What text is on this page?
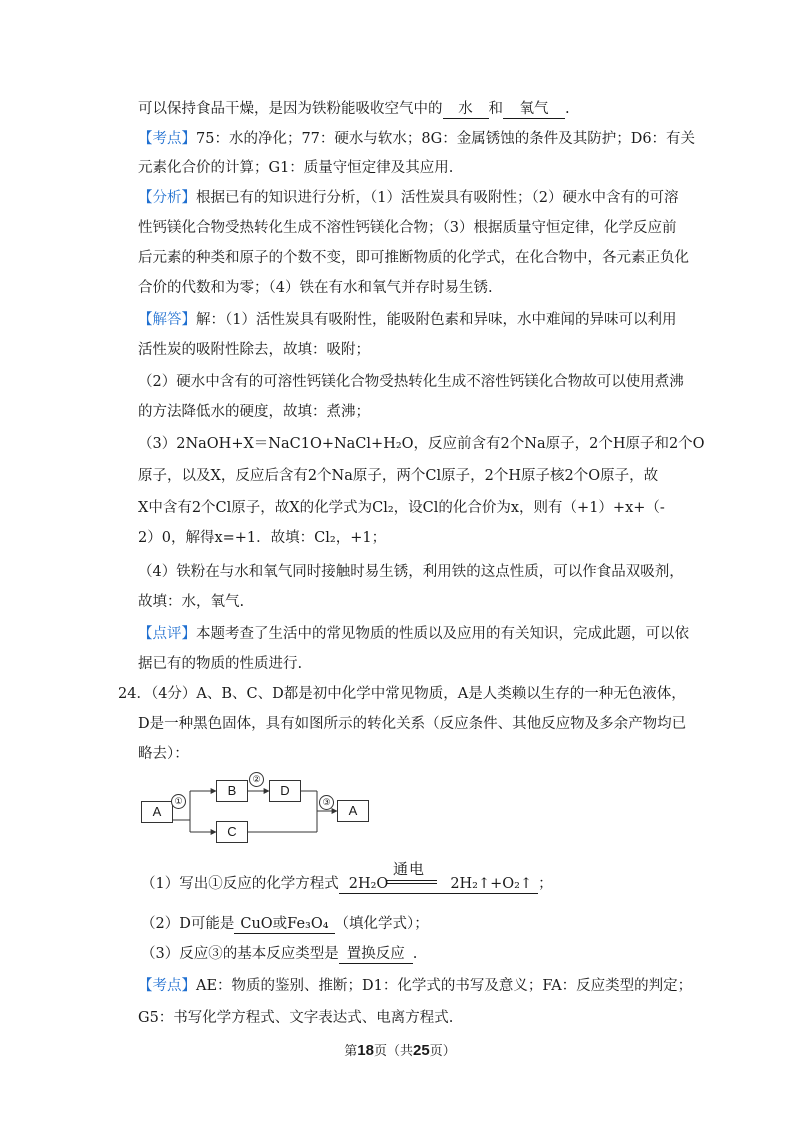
可以保持食品干燥，是因为铁粉能吸收空气中的 水 和 氧气 .
【考点】75：水的净化；77：硬水与软水；8G：金属锈蚀的条件及其防护；D6：有关
元素化合价的计算；G1：质量守恒定律及其应用.
【分析】根据已有的知识进行分析，（1）活性炭具有吸附性；（2）硬水中含有的可溶
性钙镁化合物受热转化生成不溶性钙镁化合物；（3）根据质量守恒定律，化学反应前
后元素的种类和原子的个数不变，即可推断物质的化学式，在化合物中，各元素正负化
合价的代数和为零；（4）铁在有水和氧气并存时易生锈.
【解答】解：（1）活性炭具有吸附性，能吸附色素和异味，水中难闻的异味可以利用
活性炭的吸附性除去，故填：吸附；
（2）硬水中含有的可溶性钙镁化合物受热转化生成不溶性钙镁化合物故可以使用煮沸
的方法降低水的硬度，故填：煮沸；
（3）2NaOH+X＝NaC1O+NaCl+H₂O，反应前含有2个Na原子，2个H原子和2个O
原子，以及X，反应后含有2个Na原子，两个Cl原子，2个H原子核2个O原子，故
X中含有2个Cl原子，故X的化学式为Cl₂，设Cl的化合价为x，则有（+1）+x+（-
2）0，解得x=+1．故填：Cl₂，+1；
（4）铁粉在与水和氧气同时接触时易生锈，利用铁的这点性质，可以作食品双吸剂，
故填：水，氧气.
【点评】本题考查了生活中的常见物质的性质以及应用的有关知识，完成此题，可以依
据已有的物质的性质进行.
24．（4分）A、B、C、D都是初中化学中常见物质，A是人类赖以生存的一种无色液体，
D是一种黑色固体，具有如图所示的转化关系（反应条件、其他反应物及多余产物均已
略去）：
A
①
B
②
D
③
A
C
通电
（1）写出①反应的化学方程式 2H₂O	2H₂↑+O₂↑ ；
（2）D可能是 CuO或Fe₃O₄ （填化学式）；
（3）反应③的基本反应类型是 置换反应 .
【考点】AE：物质的鉴别、推断；D1：化学式的书写及意义；FA：反应类型的判定；
G5：书写化学方程式、文字表达式、电离方程式.
第18页（共25页）
